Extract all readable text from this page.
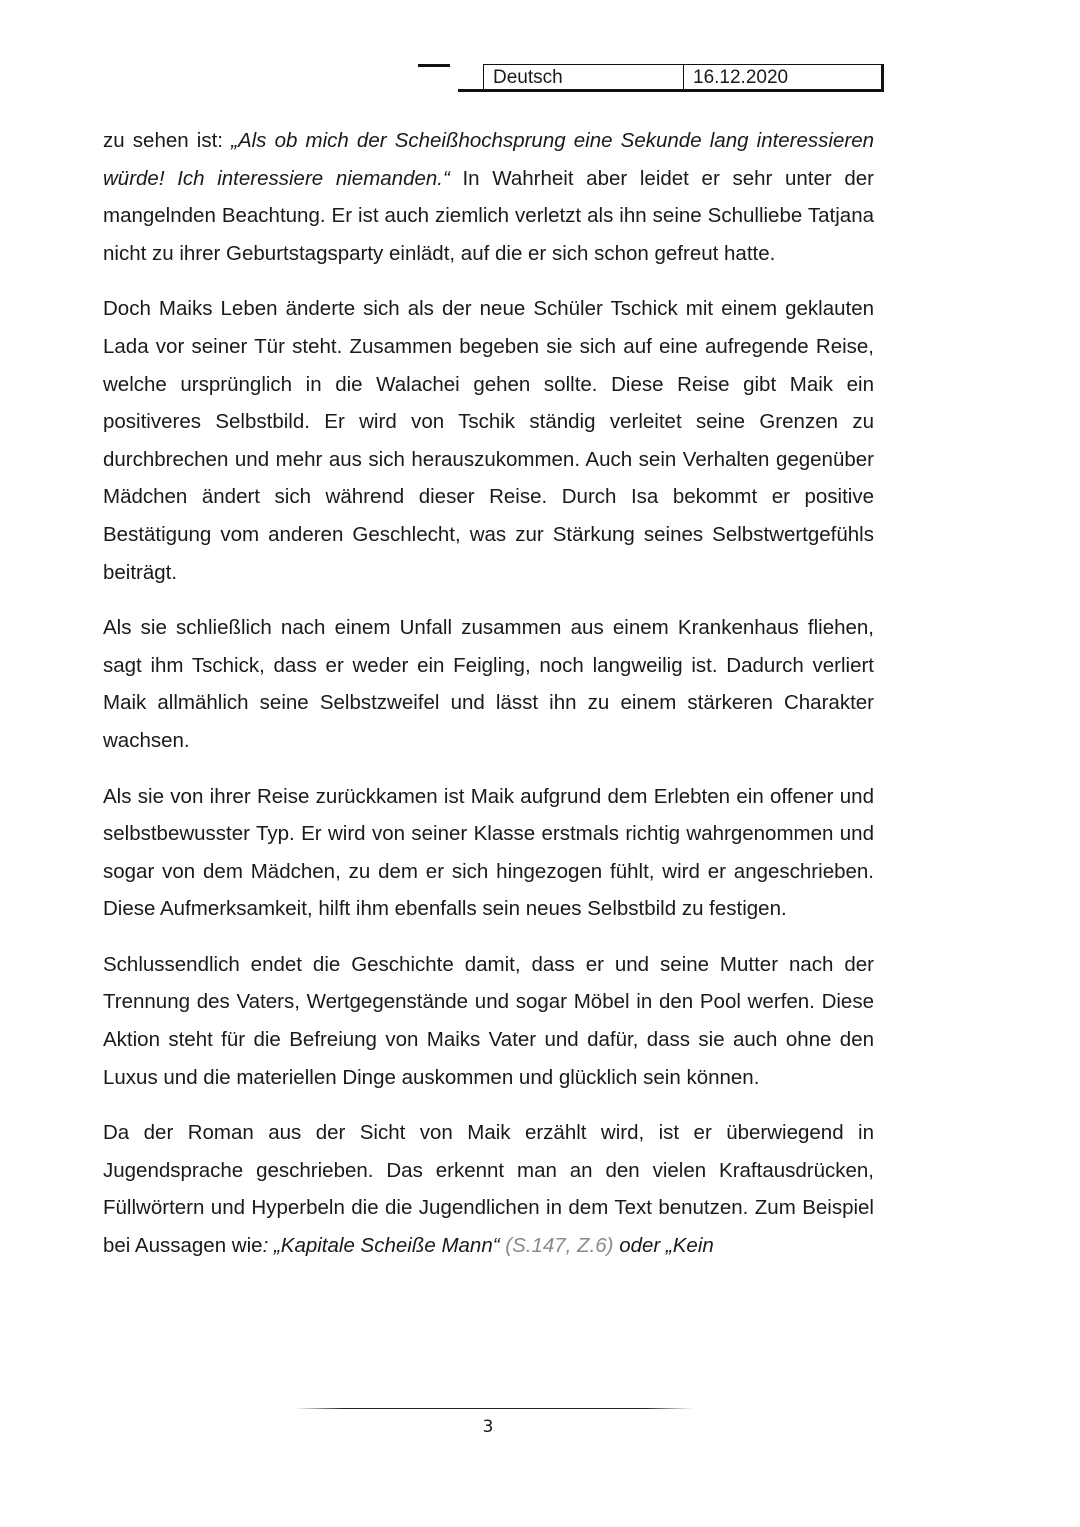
Deutsch	16.12.2020

zu sehen ist: „Als ob mich der Scheißhochsprung eine Sekunde lang interessieren würde! Ich interessiere niemanden.“ In Wahrheit aber leidet er sehr unter der mangelnden Beachtung. Er ist auch ziemlich verletzt als ihn seine Schulliebe Tatjana nicht zu ihrer Geburtstagsparty einlädt, auf die er sich schon gefreut hatte.

Doch Maiks Leben änderte sich als der neue Schüler Tschick mit einem geklauten Lada vor seiner Tür steht. Zusammen begeben sie sich auf eine aufregende Reise, welche ursprünglich in die Walachei gehen sollte. Diese Reise gibt Maik ein positiveres Selbstbild. Er wird von Tschik ständig verleitet seine Grenzen zu durchbrechen und mehr aus sich herauszukommen. Auch sein Verhalten gegenüber Mädchen ändert sich während dieser Reise. Durch Isa bekommt er positive Bestätigung vom anderen Geschlecht, was zur Stärkung seines Selbstwertgefühls beiträgt.

Als sie schließlich nach einem Unfall zusammen aus einem Krankenhaus fliehen, sagt ihm Tschick, dass er weder ein Feigling, noch langweilig ist. Dadurch verliert Maik allmählich seine Selbstzweifel und lässt ihn zu einem stärkeren Charakter wachsen.

Als sie von ihrer Reise zurückkamen ist Maik aufgrund dem Erlebten ein offener und selbstbewusster Typ. Er wird von seiner Klasse erstmals richtig wahrgenommen und sogar von dem Mädchen, zu dem er sich hingezogen fühlt, wird er angeschrieben. Diese Aufmerksamkeit, hilft ihm ebenfalls sein neues Selbstbild zu festigen.

Schlussendlich endet die Geschichte damit, dass er und seine Mutter nach der Trennung des Vaters, Wertgegenstände und sogar Möbel in den Pool werfen. Diese Aktion steht für die Befreiung von Maiks Vater und dafür, dass sie auch ohne den Luxus und die materiellen Dinge auskommen und glücklich sein können.

Da der Roman aus der Sicht von Maik erzählt wird, ist er überwiegend in Jugendsprache geschrieben. Das erkennt man an den vielen Kraftausdrücken, Füllwörtern und Hyperbeln die die Jugendlichen in dem Text benutzen. Zum Beispiel bei Aussagen wie: „Kapitale Scheiße Mann“ (S.147, Z.6) oder „Kein

3
